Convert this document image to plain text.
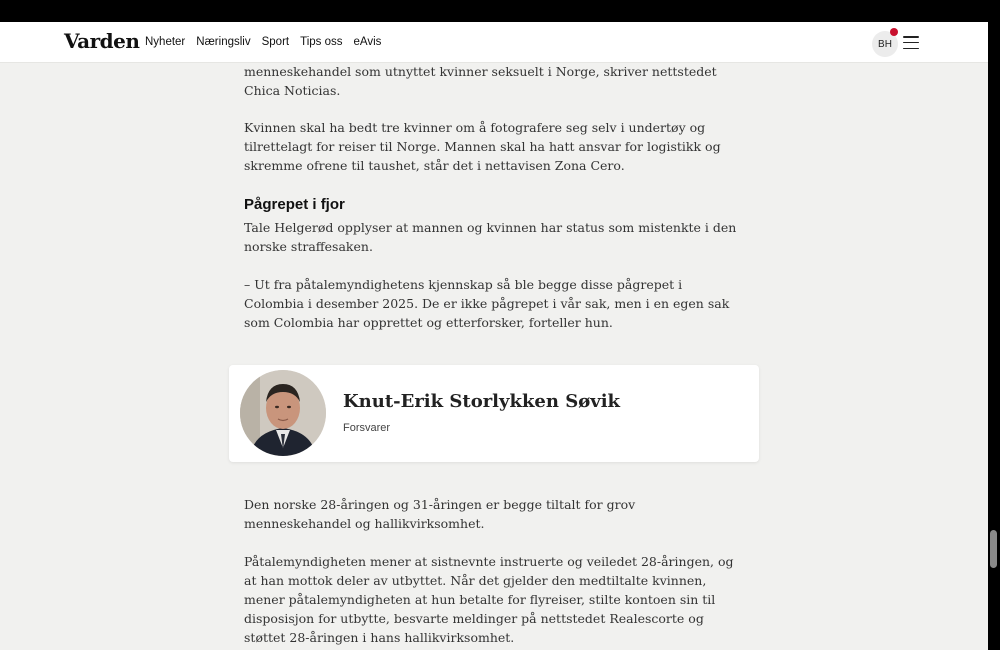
Varden Nyheter Næringsliv Sport Tips oss eAvis	BH

menneskehandel som utnyttet kvinner seksuelt i Norge, skriver nettstedet Chica Noticias.

Kvinnen skal ha bedt tre kvinner om å fotografere seg selv i undertøy og tilrettelagt for reiser til Norge. Mannen skal ha hatt ansvar for logistikk og skremme ofrene til taushet, står det i nettavisen Zona Cero.

Pågrepet i fjor

Tale Helgerød opplyser at mannen og kvinnen har status som mistenkte i den norske straffesaken.

– Ut fra påtalemyndighetens kjennskap så ble begge disse pågrepet i Colombia i desember 2025. De er ikke pågrepet i vår sak, men i en egen sak som Colombia har opprettet og etterforsker, forteller hun.

Knut-Erik Storlykken Søvik
Forsvarer

Den norske 28-åringen og 31-åringen er begge tiltalt for grov menneskehandel og hallikvirksomhet.

Påtalemyndigheten mener at sistnevnte instruerte og veiledet 28-åringen, og at han mottok deler av utbyttet. Når det gjelder den medtiltalte kvinnen, mener påtalemyndigheten at hun betalte for flyreiser, stilte kontoen sin til disposisjon for utbytte, besvarte meldinger på nettstedet Realescorte og støttet 28-åringen i hans hallikvirksomhet.
